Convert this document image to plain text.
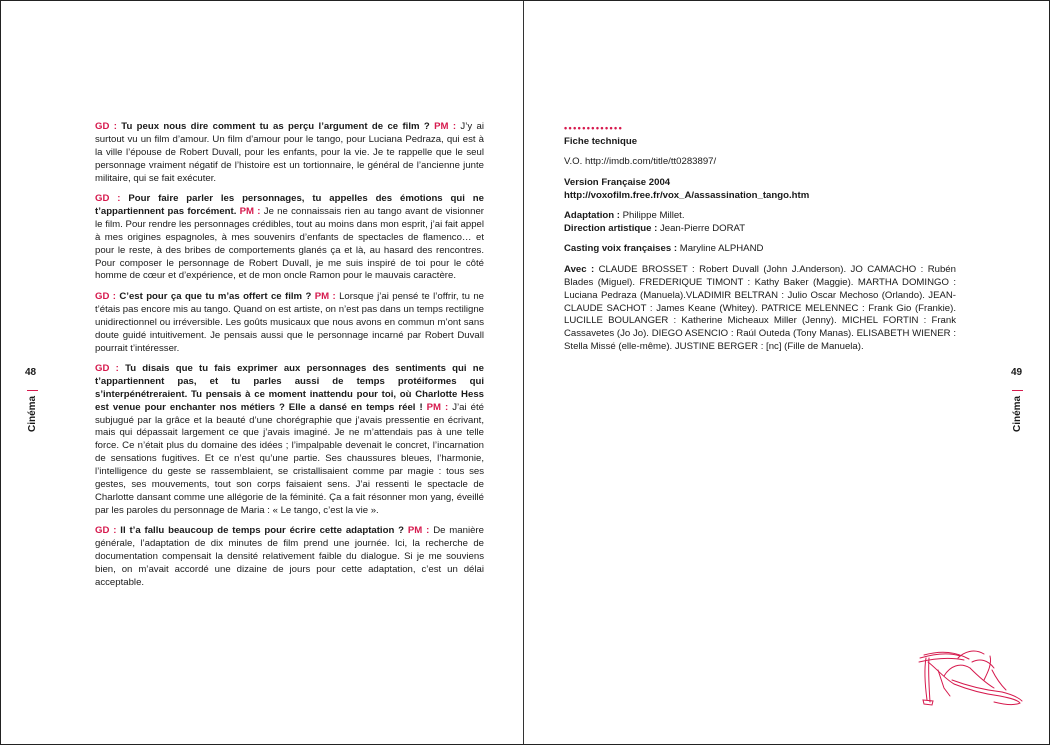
48
Cinéma

GD : Tu peux nous dire comment tu as perçu l’argument de ce film ? PM : J’y ai surtout vu un film d’amour. Un film d’amour pour le tango, pour Luciana Pedraza, qui est à la ville l’épouse de Robert Duvall, pour les enfants, pour la vie. Je te rappelle que le seul personnage vraiment négatif de l’histoire est un tortionnaire, le général de l’ancienne junte militaire, qui se fait exécuter.

GD : Pour faire parler les personnages, tu appelles des émotions qui ne t’appartiennent pas forcément. PM : Je ne connaissais rien au tango avant de visionner le film. Pour rendre les personnages crédibles, tout au moins dans mon esprit, j’ai fait appel à mes origines espagnoles, à mes souvenirs d’enfants de spectacles de flamenco… et pour le reste, à des bribes de comportements glanés ça et là, au hasard des rencontres. Pour composer le personnage de Robert Duvall, je me suis inspiré de toi pour le côté homme de cœur et d’expérience, et de mon oncle Ramon pour le mauvais caractère.

GD : C’est pour ça que tu m’as offert ce film ? PM : Lorsque j’ai pensé te l’offrir, tu ne t’étais pas encore mis au tango. Quand on est artiste, on n’est pas dans un temps rectiligne unidirectionnel ou irréversible. Les goûts musicaux que nous avons en commun m’ont sans doute guidé intuitivement. Je pensais aussi que le personnage incarné par Robert Duvall pourrait t’intéresser.

GD : Tu disais que tu fais exprimer aux personnages des sentiments qui ne t’appartiennent pas, et tu parles aussi de temps protéiformes qui s’interpénétreraient. Tu pensais à ce moment inattendu pour toi, où Charlotte Hess est venue pour enchanter nos métiers ? Elle a dansé en temps réel ! PM : J’ai été subjugué par la grâce et la beauté d’une chorégraphie que j’avais pressentie en écrivant, mais qui dépassait largement ce que j’avais imaginé. Je ne m’attendais pas à une telle force. Ce n’était plus du domaine des idées ; l’impalpable devenait le concret, l’incarnation de sensations fugitives. Et ce n’est qu’une partie. Ses chaussures bleues, l’harmonie, l’intelligence du geste se rassemblaient, se cristallisaient comme par magie : tous ses gestes, ses mouvements, tout son corps faisaient sens. J’ai ressenti le spectacle de Charlotte dansant comme une allégorie de la féminité. Ça a fait résonner mon yang, éveillé par les paroles du personnage de Maria : « Le tango, c’est la vie ».

GD : Il t’a fallu beaucoup de temps pour écrire cette adaptation ? PM : De manière générale, l’adaptation de dix minutes de film prend une journée. Ici, la recherche de documentation compensait la densité relativement faible du dialogue. Si je me souviens bien, on m’avait accordé une dizaine de jours pour cette adaptation, c’est un délai acceptable.

•••••••••••••

Fiche technique

V.O. http://imdb.com/title/tt0283897/

Version Française 2004
http://voxofilm.free.fr/vox_A/assassination_tango.htm

Adaptation : Philippe Millet.
Direction artistique : Jean-Pierre DORAT

Casting voix françaises : Maryline ALPHAND

Avec : CLAUDE BROSSET : Robert Duvall (John J.Anderson). JO CAMACHO : Rubén Blades (Miguel). FREDERIQUE TIMONT : Kathy Baker (Maggie). MARTHA DOMINGO : Luciana Pedraza (Manuela).VLADIMIR BELTRAN : Julio Oscar Mechoso (Orlando). JEAN-CLAUDE SACHOT : James Keane (Whitey). PATRICE MELENNEC : Frank Gio (Frankie). LUCILLE BOULANGER : Katherine Micheaux Miller (Jenny). MICHEL FORTIN : Frank Cassavetes (Jo Jo). DIEGO ASENCIO : Raúl Outeda (Tony Manas). ELISABETH WIENER : Stella Missé (elle-même). JUSTINE BERGER : [nc] (Fille de Manuela).

49
Cinéma
